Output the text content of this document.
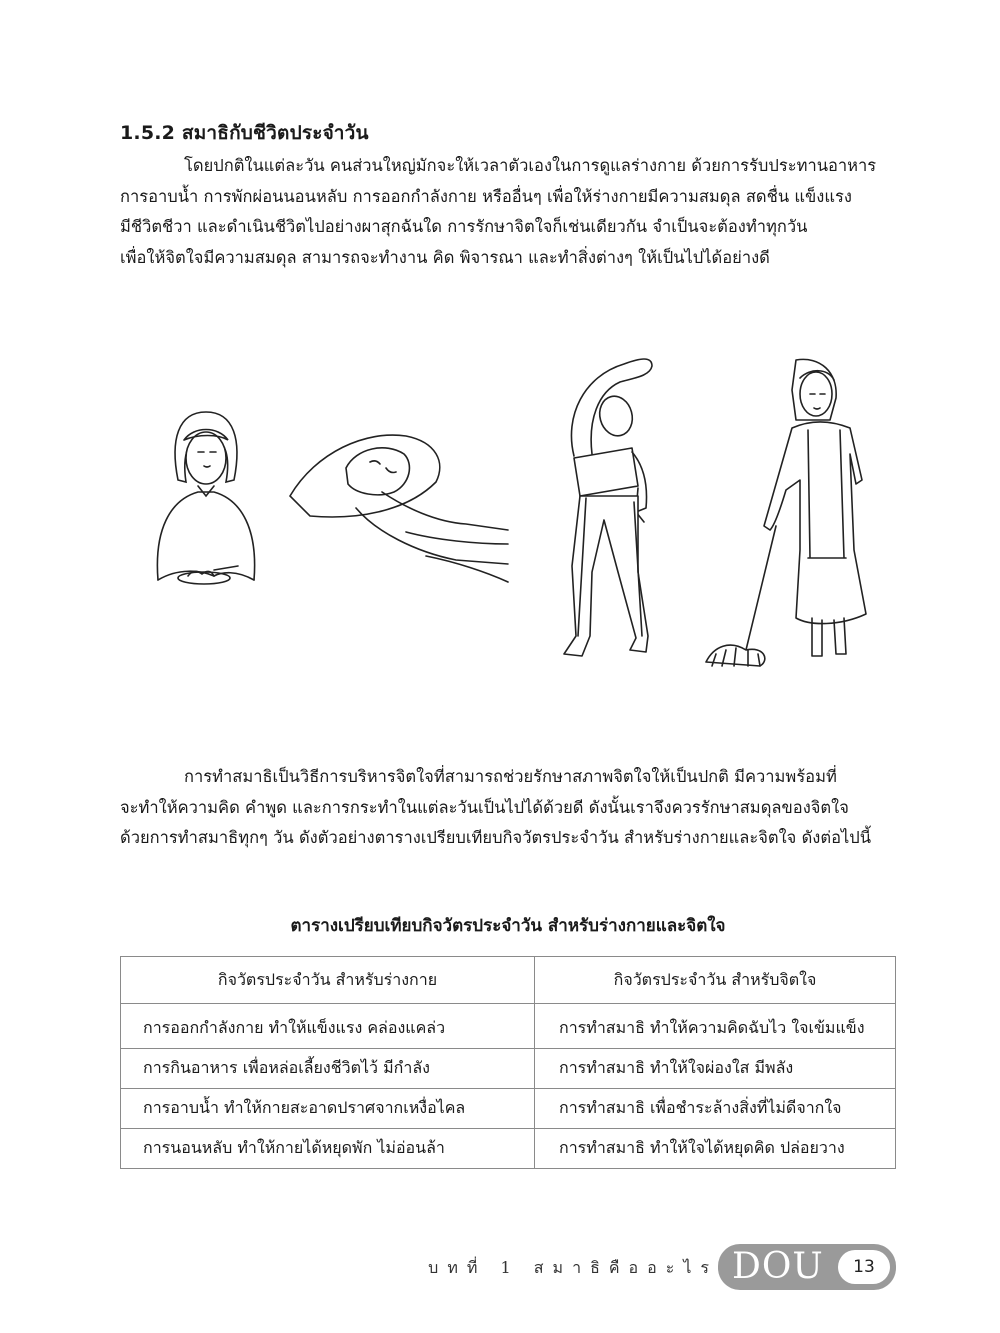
1.5.2 สมาธิกับชีวิตประจำวัน

โดยปกติในแต่ละวัน คนส่วนใหญ่มักจะให้เวลาตัวเองในการดูแลร่างกาย ด้วยการรับประทานอาหาร
การอาบน้ำ การพักผ่อนนอนหลับ การออกกำลังกาย หรืออื่นๆ เพื่อให้ร่างกายมีความสมดุล สดชื่น แข็งแรง
มีชีวิตชีวา และดำเนินชีวิตไปอย่างผาสุกฉันใด การรักษาจิตใจก็เช่นเดียวกัน จำเป็นจะต้องทำทุกวัน
เพื่อให้จิตใจมีความสมดุล สามารถจะทำงาน คิด พิจารณา และทำสิ่งต่างๆ ให้เป็นไปได้อย่างดี

การทำสมาธิเป็นวิธีการบริหารจิตใจที่สามารถช่วยรักษาสภาพจิตใจให้เป็นปกติ มีความพร้อมที่
จะทำให้ความคิด คำพูด และการกระทำในแต่ละวันเป็นไปได้ด้วยดี ดังนั้นเราจึงควรรักษาสมดุลของจิตใจ
ด้วยการทำสมาธิทุกๆ วัน ดังตัวอย่างตารางเปรียบเทียบกิจวัตรประจำวัน สำหรับร่างกายและจิตใจ ดังต่อไปนี้

ตารางเปรียบเทียบกิจวัตรประจำวัน สำหรับร่างกายและจิตใจ

กิจวัตรประจำวัน สำหรับร่างกาย	กิจวัตรประจำวัน สำหรับจิตใจ
การออกกำลังกาย ทำให้แข็งแรง คล่องแคล่ว	การทำสมาธิ ทำให้ความคิดฉับไว ใจเข้มแข็ง
การกินอาหาร เพื่อหล่อเลี้ยงชีวิตไว้ มีกำลัง	การทำสมาธิ ทำให้ใจผ่องใส มีพลัง
การอาบน้ำ ทำให้กายสะอาดปราศจากเหงื่อไคล	การทำสมาธิ เพื่อชำระล้างสิ่งที่ไม่ดีจากใจ
การนอนหลับ ทำให้กายได้หยุดพัก ไม่อ่อนล้า	การทำสมาธิ ทำให้ใจได้หยุดคิด ปล่อยวาง
บทที่ 1 สมาธิคืออะไร DOU	13
